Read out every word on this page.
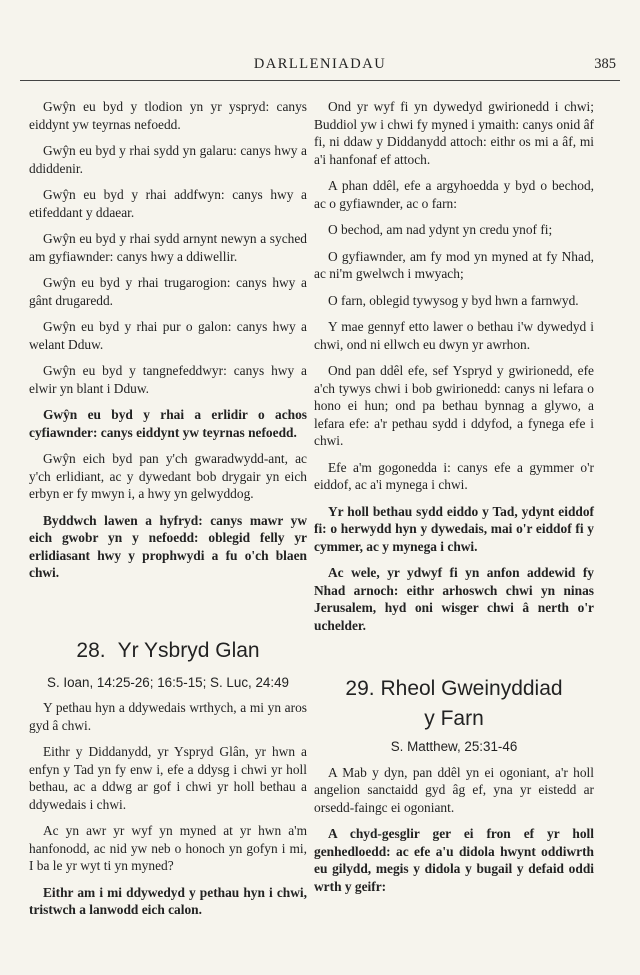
DARLLENIADAU	385

Gwŷn eu byd y tlodion yn yr yspryd: canys eiddynt yw teyrnas nefoedd.

Gwŷn eu byd y rhai sydd yn galaru: canys hwy a ddiddenir.

Gwŷn eu byd y rhai addfwyn: canys hwy a etifeddant y ddaear.

Gwŷn eu byd y rhai sydd arnynt newyn a syched am gyfiawnder: canys hwy a ddiwellir.

Gwŷn eu byd y rhai trugarogion: canys hwy a gânt drugaredd.

Gwŷn eu byd y rhai pur o galon: canys hwy a welant Dduw.

Gwŷn eu byd y tangnefeddwyr: canys hwy a elwir yn blant i Dduw.

Gwŷn eu byd y rhai a erlidir o achos cyfiawnder: canys eiddynt yw teyrnas nefoedd.

Gwŷn eich byd pan y'ch gwaradwydd-ant, ac y'ch erlidiant, ac y dywedant bob drygair yn eich erbyn er fy mwyn i, a hwy yn gelwyddog.

Byddwch lawen a hyfryd: canys mawr yw eich gwobr yn y nefoedd: oblegid felly yr erlidiasant hwy y prophwydi a fu o'ch blaen chwi.

28. Yr Ysbryd Glan
S. Ioan, 14:25-26; 16:5-15; S. Luc, 24:49

Y pethau hyn a ddywedais wrthych, a mi yn aros gyd â chwi.

Eithr y Diddanydd, yr Yspryd Glân, yr hwn a enfyn y Tad yn fy enw i, efe a ddysg i chwi yr holl bethau, ac a ddwg ar gof i chwi yr holl bethau a ddywedais i chwi.

Ac yn awr yr wyf yn myned at yr hwn a'm hanfonodd, ac nid yw neb o honoch yn gofyn i mi, I ba le yr wyt ti yn myned?

Eithr am i mi ddywedyd y pethau hyn i chwi, tristwch a lanwodd eich calon.

Ond yr wyf fi yn dywedyd gwirionedd i chwi; Buddiol yw i chwi fy myned i ymaith: canys onid âf fi, ni ddaw y Diddanydd attoch: eithr os mi a âf, mi a'i hanfonaf ef attoch.

A phan ddêl, efe a argyhoedda y byd o bechod, ac o gyfiawnder, ac o farn:

O bechod, am nad ydynt yn credu ynof fi;

O gyfiawnder, am fy mod yn myned at fy Nhad, ac ni'm gwelwch i mwyach;

O farn, oblegid tywysog y byd hwn a farnwyd.

Y mae gennyf etto lawer o bethau i'w dywedyd i chwi, ond ni ellwch eu dwyn yr awrhon.

Ond pan ddêl efe, sef Yspryd y gwirionedd, efe a'ch tywys chwi i bob gwirionedd: canys ni lefara o hono ei hun; ond pa bethau bynnag a glywo, a lefara efe: a'r pethau sydd i ddyfod, a fynega efe i chwi.

Efe a'm gogonedda i: canys efe a gymmer o'r eiddof, ac a'i mynega i chwi.

Yr holl bethau sydd eiddo y Tad, ydynt eiddof fi: o herwydd hyn y dywedais, mai o'r eiddof fi y cymmer, ac y mynega i chwi.

Ac wele, yr ydwyf fi yn anfon addewid fy Nhad arnoch: eithr arhoswch chwi yn ninas Jerusalem, hyd oni wisger chwi â nerth o'r uchelder.

29. Rheol Gweinyddiad
y Farn
S. Matthew, 25:31-46

A Mab y dyn, pan ddêl yn ei ogoniant, a'r holl angelion sanctaidd gyd âg ef, yna yr eistedd ar orsedd-faingc ei ogoniant.

A chyd-gesglir ger ei fron ef yr holl genhedloedd: ac efe a'u didola hwynt oddiwrth eu gilydd, megis y didola y bugail y defaid oddi wrth y geifr:
